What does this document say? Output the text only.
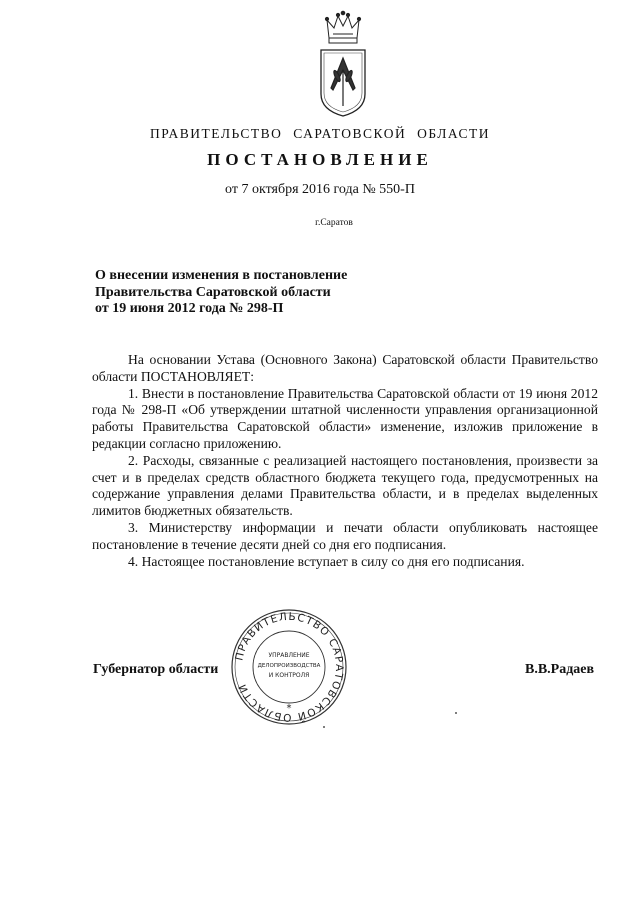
ПРАВИТЕЛЬСТВО САРАТОВСКОЙ ОБЛАСТИ
ПОСТАНОВЛЕНИЕ
от 7 октября 2016 года № 550-П
г.Саратов
О внесении изменения в постановление
Правительства Саратовской области
от 19 июня 2012 года № 298-П

На основании Устава (Основного Закона) Саратовской области Правительство области ПОСТАНОВЛЯЕТ:

1. Внести в постановление Правительства Саратовской области от 19 июня 2012 года № 298-П «Об утверждении штатной численности управления организационной работы Правительства Саратовской области» изменение, изложив приложение в редакции согласно приложению.

2. Расходы, связанные с реализацией настоящего постановления, произвести за счет и в пределах средств областного бюджета текущего года, предусмотренных на содержание управления делами Правительства области, и в пределах выделенных лимитов бюджетных обязательств.

3. Министерству информации и печати области опубликовать настоящее постановление в течение десяти дней со дня его подписания.

4. Настоящее постановление вступает в силу со дня его подписания.

Губернатор области	В.В.Радаев
ПРАВИТЕЛЬСТВО САРАТОВСКОЙ ОБЛАСТИ
УПРАВЛЕНИЕ
ДЕЛОПРОИЗВОДСТВА
И КОНТРОЛЯ
*
